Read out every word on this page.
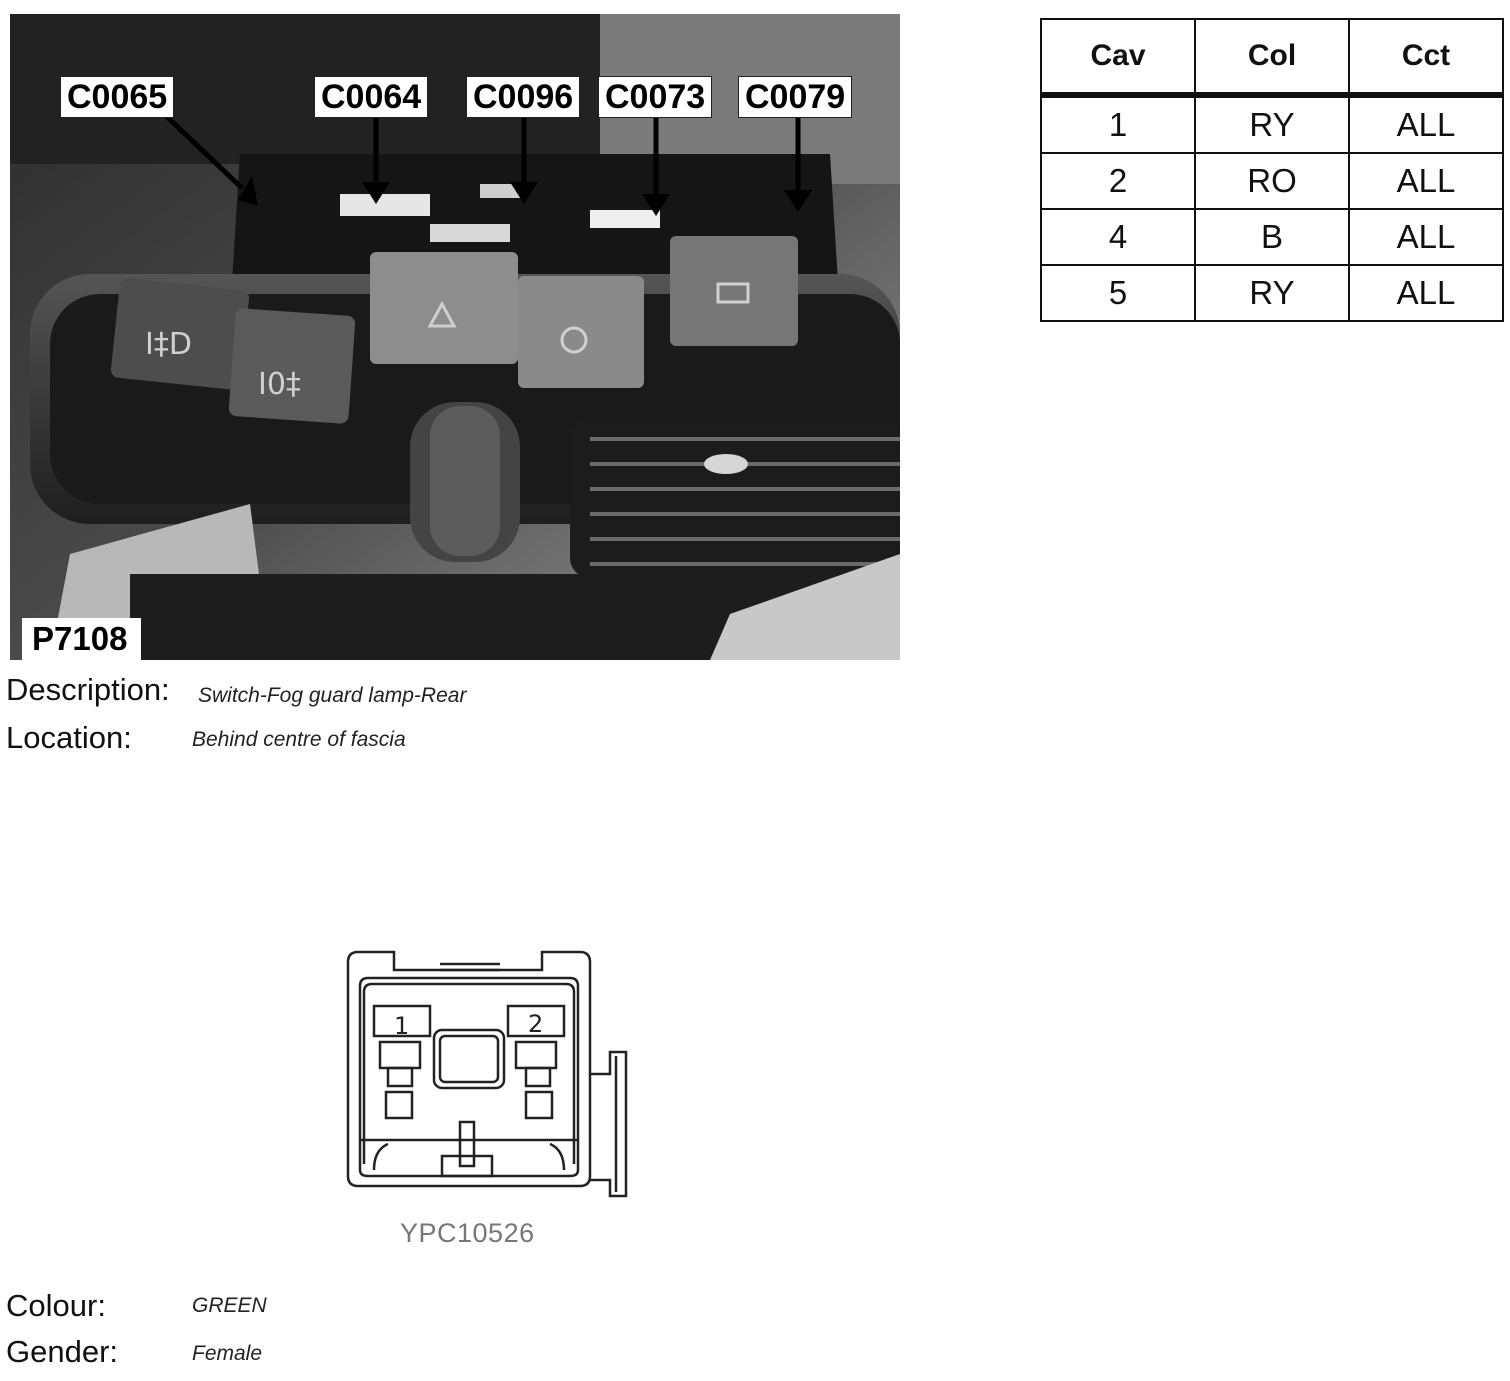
I‡D
I0‡
C0065	C0064 C0096 C0073 C0079
P7108
Cav	Col	Cct
1	RY	ALL
2	RO	ALL
4	B	ALL
5	RY	ALL
Description: Switch-Fog guard lamp-Rear
Location:	Behind centre of fascia
1	2
YPC10526
Colour:	GREEN
Gender:	Female
